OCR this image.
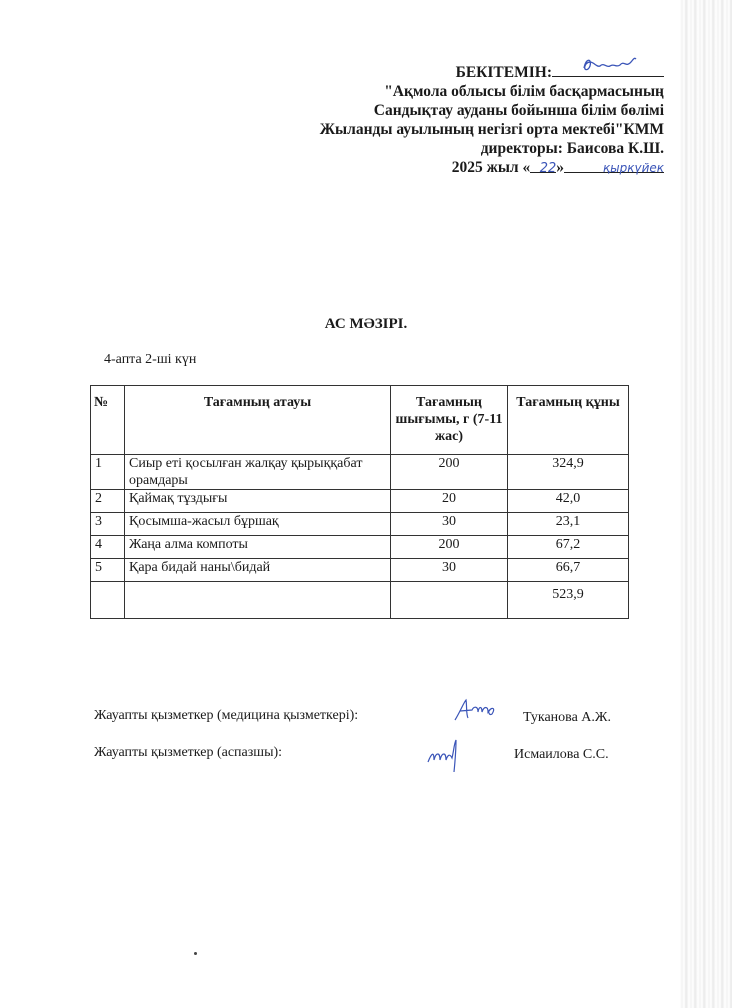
БЕКІТЕМІН:
"Ақмола облысы білім басқармасының
Сандықтау ауданы бойынша білім бөлімі
Жыланды ауылының негізгі орта мектебі"КММ
директоры: Баисова К.Ш.
2025 жыл « 22»	қыркүйек
АС МӘЗІРІ.
4-апта 2-ші күн
№	Тағамның атауы	Тағамның шығымы, г (7-11 жас)	Тағамның құны
1	Сиыр еті қосылған жалқау қырыққабат орамдары	200	324,9
2	Қаймақ тұздығы	20	42,0
3	Қосымша-жасыл бұршақ	30	23,1
4	Жаңа алма компоты	200	67,2
5	Қара бидай наны\бидай	30	66,7
			523,9
Жауапты қызметкер (медицина қызметкері):	Туканова А.Ж.
Жауапты қызметкер (аспазшы):	Исмаилова С.С.
